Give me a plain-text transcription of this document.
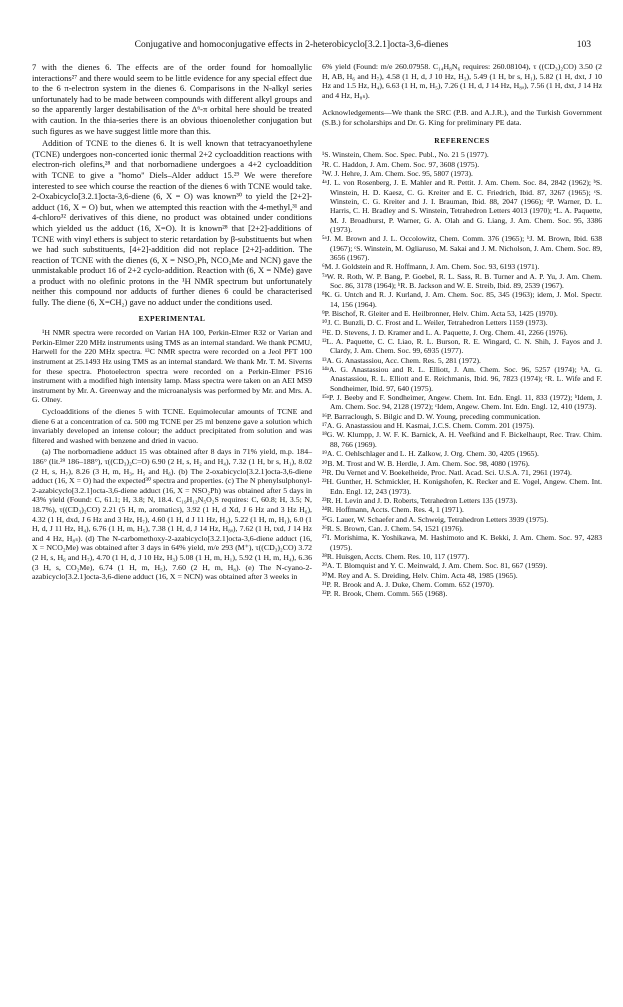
Conjugative and homoconjugative effects in 2-heterobicyclo[3.2.1]octa-3,6-dienes	103

7 with the dienes 6. The effects are of the order found for homoallylic interactions²⁷ and there would seem to be little evidence for any special effect due to the 6 π-electron system in the dienes 6. Comparisons in the N-alkyl series unfortunately had to be made between compounds with different alkyl groups and so the apparently larger destabilisation of the Δ⁶-π orbital here should be treated with caution. In the thia-series there is an obvious thioenolether conjugation but such figures as we have suggest little more than this.

Addition of TCNE to the dienes 6. It is well known that tetracyanoethylene (TCNE) undergoes non-concerted ionic thermal 2+2 cycloaddition reactions with electron-rich olefins,²⁸ and that norbornadiene undergoes a 4+2 cycloaddition with TCNE to give a "homo" Diels–Alder adduct 15.²⁹ We were therefore interested to see which course the reaction of the dienes 6 with TCNE would take. 2-Oxabicyclo[3.2.1]octa-3,6-diene (6, X = O) was known³⁰ to yield the [2+2]-adduct (16, X = O) but, when we attempted this reaction with the 4-methyl,³¹ and 4-chloro³² derivatives of this diene, no product was obtained under conditions which yielded us the adduct (16, X=O). It is known²⁸ that [2+2]-additions of TCNE with vinyl ethers is subject to steric retardation by β-substituents but when we had such substituents, [4+2]-addition did not replace [2+2]-addition. The reaction of TCNE with the dienes (6, X = NSO₂Ph, NCO₂Me and NCN) gave the unmistakable product 16 of 2+2 cyclo-addition. Reaction with (6, X = NMe) gave a product with no olefinic protons in the ¹H NMR spectrum but unfortunately neither this compound nor adducts of further dienes 6 could be characterised fully. The diene (6, X=CH₂) gave no adduct under the conditions used.

EXPERIMENTAL

¹H NMR spectra were recorded on Varian HA 100, Perkin-Elmer R32 or Varian and Perkin-Elmer 220 MHz instruments using TMS as an internal standard. We thank PCMU, Harwell for the 220 MHz spectra. ¹³C NMR spectra were recorded on a Jeol PFT 100 instrument at 25.1493 Hz using TMS as an internal standard. We thank Mr. T. M. Siverns for these spectra. Photoelectron spectra were recorded on a Perkin-Elmer PS16 instrument with a modified high intensity lamp. Mass spectra were taken on an AEI MS9 instrument by Mr. A. Greenway and the microanalysis was performed by Mr. and Mrs. A. G. Olney.

Cycloadditions of the dienes 5 with TCNE. Equimolecular amounts of TCNE and diene 6 at a concentration of ca. 500 mg TCNE per 25 ml benzene gave a solution which invariably developed an intense colour; the adduct precipitated from solution and was filtered and washed with benzene and dried in vacuo.

(a) The norbornadiene adduct 15 was obtained after 8 days in 71% yield, m.p. 184–186° (lit.²⁹ 186–188°), τ((CD₃)₂C=O) 6.90 (2 H, s, H₂ and H₄), 7.32 (1 H, br s, H₁), 8.02 (2 H, s, H₇), 8.26 (3 H, m, H₃, H₅ and H₆). (b) The 2-oxabicyclo[3.2.1]octa-3,6-diene adduct (16, X = O) had the expected³⁰ spectra and properties. (c) The N phenylsulphonyl-2-azabicyclo[3.2.1]octa-3,6-diene adduct (16, X = NSO₂Ph) was obtained after 5 days in 43% yield (Found: C, 61.1; H, 3.8; N, 18.4. C₁₉H₁₃N₅O₂S requires: C, 60.8; H, 3.5; N, 18.7%), τ((CD₃)₂CO) 2.21 (5 H, m, aromatics), 3.92 (1 H, d Xd, J 6 Hz and 3 Hz H₆), 4.32 (1 H, dxd, J 6 Hz and 3 Hz, H₇), 4.60 (1 H, d J 11 Hz, H₃), 5.22 (1 H, m, H₁), 6.0 (1 H, d, J 11 Hz, H₄), 6.76 (1 H, m, H₅), 7.38 (1 H, d, J 14 Hz, H₈ₐ), 7.62 (1 H, txd, J 14 Hz and 4 Hz, H₈ₛ). (d) The N-carbomethoxy-2-azabicyclo[3.2.1]octa-3,6-diene adduct (16, X = NCO₂Me) was obtained after 3 days in 64% yield, m/e 293 (M⁺), τ((CD₃)₂CO) 3.72 (2 H, s, H₆ and H₇), 4.70 (1 H, d, J 10 Hz, H₃) 5.08 (1 H, m, H₁), 5.92 (1 H, m, H₄), 6.36 (3 H, s, CO₂Me), 6.74 (1 H, m, H₅), 7.60 (2 H, m, H₈). (e) The N-cyano-2-azabicyclo[3.2.1]octa-3,6-diene adduct (16, X = NCN) was obtained after 3 weeks in

6% yield (Found: m/e 260.07958. C₁₄H₈N₆ requires: 260.08104), τ ((CD₃)₂CO) 3.50 (2 H, AB, H₆ and H₇), 4.58 (1 H, d, J 10 Hz, H₃), 5.49 (1 H, br s, H₁), 5.82 (1 H, dxt, J 10 Hz and 1.5 Hz, H₄), 6.63 (1 H, m, H₅), 7.26 (1 H, d, J 14 Hz, H₈ₐ), 7.56 (1 H, dxt, J 14 Hz and 4 Hz, H₈ₛ).

Acknowledgements—We thank the SRC (P.B. and A.J.R.), and the Turkish Government (S.B.) for scholarships and Dr. G. King for preliminary PE data.

REFERENCES

¹S. Winstein, Chem. Soc. Spec. Publ., No. 21 5 (1977).

²R. C. Haddon, J. Am. Chem. Soc. 97, 3608 (1975).

³W. J. Hehre, J. Am. Chem. Soc. 95, 5807 (1973).

⁴ᵃJ. L. von Rosenberg, J. E. Mahler and R. Pettit. J. Am. Chem. Soc. 84, 2842 (1962); ᵇS. Winstein, H. D. Kaesz, C. G. Kreiter and E. C. Friedrich, Ibid. 87, 3267 (1965); ᶜS. Winstein, C. G. Kreiter and J. I. Brauman, Ibid. 88, 2047 (1966); ᵈP. Warner, D. L. Harris, C. H. Bradley and S. Winstein, Tetrahedron Letters 4013 (1970); ᵉL. A. Paquette, M. J. Broadhurst, P. Warner, G. A. Olah and G. Liang, J. Am. Chem. Soc. 95, 3386 (1973).

⁵ᵃJ. M. Brown and J. L. Occolowitz, Chem. Comm. 376 (1965); ᵇJ. M. Brown, Ibid. 638 (1967); ᶜS. Winstein, M. Ogliaruso, M. Sakai and J. M. Nicholson, J. Am. Chem. Soc. 89, 3656 (1967).

⁶M. J. Goldstein and R. Hoffmann, J. Am. Chem. Soc. 93, 6193 (1971).

⁷ᵃW. R. Roth, W. P. Bang, P. Goebel, R. L. Sass, R. B. Turner and A. P. Yu, J. Am. Chem. Soc. 86, 3178 (1964); ᵇR. B. Jackson and W. E. Streib, Ibid. 89, 2539 (1967).

⁸K. G. Untch and R. J. Kurland, J. Am. Chem. Soc. 85, 345 (1963); idem, J. Mol. Spectr. 14, 156 (1964).

⁹P. Bischof, R. Gleiter and E. Heilbronner, Helv. Chim. Acta 53, 1425 (1970).

¹⁰J. C. Bunzli, D. C. Frost and L. Weiler, Tetrahedron Letters 1159 (1973).

¹¹E. D. Stevens, J. D. Kramer and L. A. Paquette, J. Org. Chem. 41, 2266 (1976).

¹²L. A. Paquette, C. C. Liao, R. L. Burson, R. E. Wingard, C. N. Shih, J. Fayos and J. Clardy, J. Am. Chem. Soc. 99, 6935 (1977).

¹³A. G. Anastassiou, Acc. Chem. Res. 5, 281 (1972).

¹⁴ᵃA. G. Anastassiou and R. L. Elliott, J. Am. Chem. Soc. 96, 5257 (1974); ᵇA. G. Anastassiou, R. L. Elliott and E. Reichmanis, Ibid. 96, 7823 (1974); ᶜR. L. Wife and F. Sondheimer, Ibid. 97, 640 (1975).

¹⁵ᵃP. J. Beeby and F. Sondheimer, Angew. Chem. Int. Edn. Engl. 11, 833 (1972); ᵇIdem, J. Am. Chem. Soc. 94, 2128 (1972); ᶜIdem, Angew. Chem. Int. Edn. Engl. 12, 410 (1973).

¹⁶P. Barraclough, S. Bilgic and D. W. Young, preceding communication.

¹⁷A. G. Anastassiou and H. Kasmai, J.C.S. Chem. Comm. 201 (1975).

¹⁸G. W. Klumpp, J. W. F. K. Barnick, A. H. Veefkind and F. Bickelhaupt, Rec. Trav. Chim. 88, 766 (1969).

¹⁹A. C. Oehlschlager and L. H. Zalkow, J. Org. Chem. 30, 4205 (1965).

²⁰B. M. Trost and W. B. Herdle, J. Am. Chem. Soc. 98, 4080 (1976).

²¹R. Du Vernet and V. Boekelheide, Proc. Natl. Acad. Sci. U.S.A. 71, 2961 (1974).

²²H. Gunther, H. Schmickler, H. Konigshofen, K. Recker and E. Vogel, Angew. Chem. Int. Edn. Engl. 12, 243 (1973).

²³R. H. Levin and J. D. Roberts, Tetrahedron Letters 135 (1973).

²⁴R. Hoffmann, Accts. Chem. Res. 4, 1 (1971).

²⁵G. Lauer, W. Schaefer and A. Schweig, Tetrahedron Letters 3939 (1975).

²⁶R. S. Brown, Can. J. Chem. 54, 1521 (1976).

²⁷I. Morishima, K. Yoshikawa, M. Hashimoto and K. Bekki, J. Am. Chem. Soc. 97, 4283 (1975).

²⁸R. Huisgen, Accts. Chem. Res. 10, 117 (1977).

²⁹A. T. Blomquist and Y. C. Meinwald, J. Am. Chem. Soc. 81, 667 (1959).

³⁰M. Rey and A. S. Dreiding, Helv. Chim. Acta 48, 1985 (1965).

³¹P. R. Brook and A. J. Duke, Chem. Comm. 652 (1970).

³²P. R. Brook, Chem. Comm. 565 (1968).
